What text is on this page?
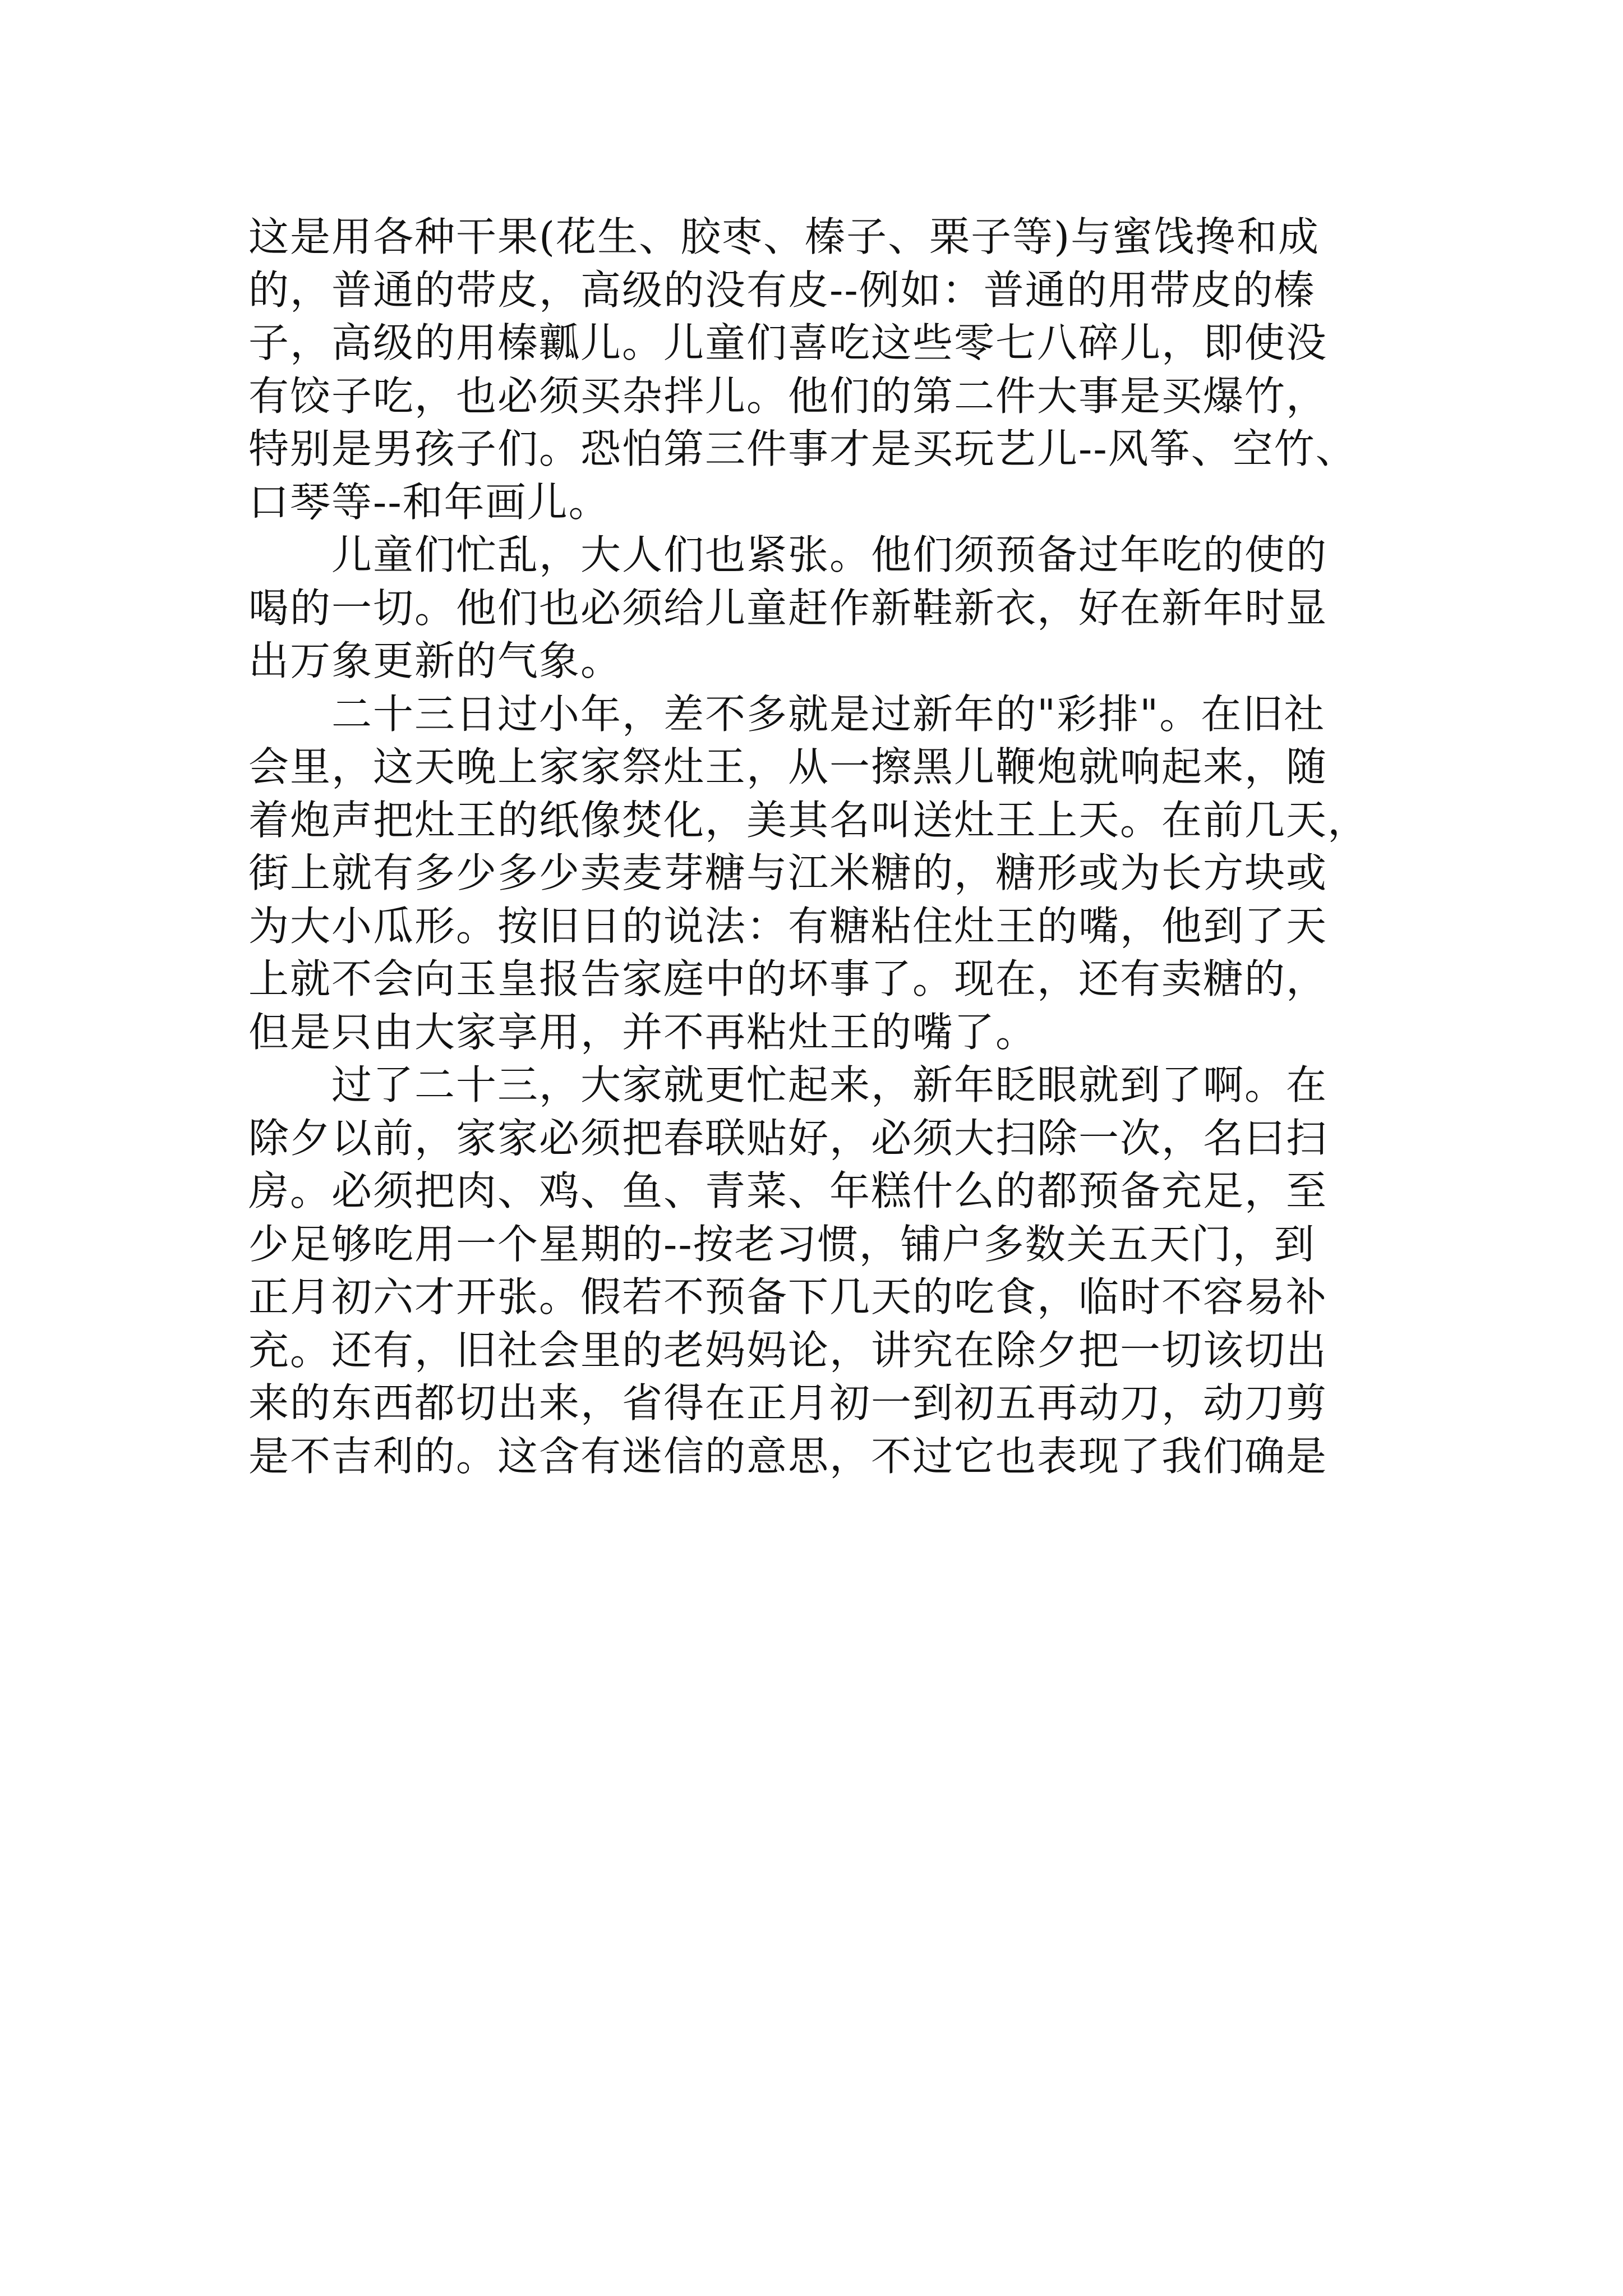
这是用各种干果(花生、胶枣、榛子、栗子等)与蜜饯搀和成
的，普通的带皮，高级的没有皮--例如：普通的用带皮的榛
子，高级的用榛瓤儿。儿童们喜吃这些零七八碎儿，即使没
有饺子吃，也必须买杂拌儿。他们的第二件大事是买爆竹，
特别是男孩子们。恐怕第三件事才是买玩艺儿--风筝、空竹、
口琴等--和年画儿。
　　儿童们忙乱，大人们也紧张。他们须预备过年吃的使的
喝的一切。他们也必须给儿童赶作新鞋新衣，好在新年时显
出万象更新的气象。
　　二十三日过小年，差不多就是过新年的"彩排"。在旧社
会里，这天晚上家家祭灶王，从一擦黑儿鞭炮就响起来，随
着炮声把灶王的纸像焚化，美其名叫送灶王上天。在前几天，
街上就有多少多少卖麦芽糖与江米糖的，糖形或为长方块或
为大小瓜形。按旧日的说法：有糖粘住灶王的嘴，他到了天
上就不会向玉皇报告家庭中的坏事了。现在，还有卖糖的，
但是只由大家享用，并不再粘灶王的嘴了。
　　过了二十三，大家就更忙起来，新年眨眼就到了啊。在
除夕以前，家家必须把春联贴好，必须大扫除一次，名曰扫
房。必须把肉、鸡、鱼、青菜、年糕什么的都预备充足，至
少足够吃用一个星期的--按老习惯，铺户多数关五天门，到
正月初六才开张。假若不预备下几天的吃食，临时不容易补
充。还有，旧社会里的老妈妈论，讲究在除夕把一切该切出
来的东西都切出来，省得在正月初一到初五再动刀，动刀剪
是不吉利的。这含有迷信的意思，不过它也表现了我们确是
